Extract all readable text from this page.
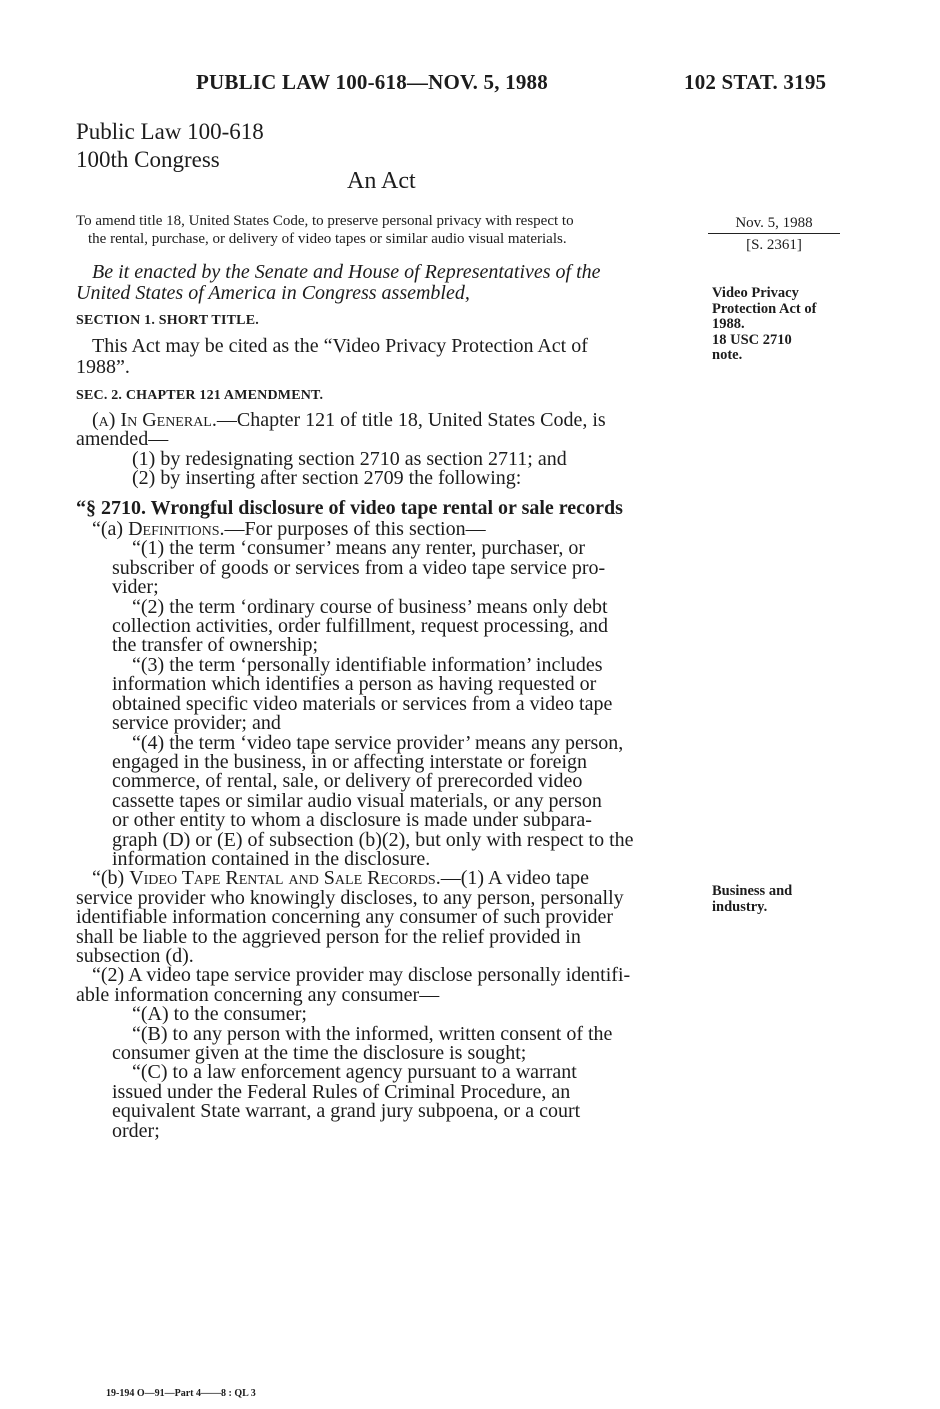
PUBLIC LAW 100-618—NOV. 5, 1988	102 STAT. 3195
Public Law 100-618
100th Congress
An Act
To amend title 18, United States Code, to preserve personal privacy with respect to
the rental, purchase, or delivery of video tapes or similar audio visual materials.
Nov. 5, 1988
[S. 2361]
Be it enacted by the Senate and House of Representatives of the
United States of America in Congress assembled,	Video Privacy
Protection Act of
1988.
18 USC 2710
note.
SECTION 1. SHORT TITLE.
This Act may be cited as the “Video Privacy Protection Act of
1988”.
SEC. 2. CHAPTER 121 AMENDMENT.
(a) In General.—Chapter 121 of title 18, United States Code, is
amended—
(1) by redesignating section 2710 as section 2711; and
(2) by inserting after section 2709 the following:
“§ 2710. Wrongful disclosure of video tape rental or sale records
“(a) Definitions.—For purposes of this section—
“(1) the term ‘consumer’ means any renter, purchaser, or
subscriber of goods or services from a video tape service pro-
vider;
“(2) the term ‘ordinary course of business’ means only debt
collection activities, order fulfillment, request processing, and
the transfer of ownership;
“(3) the term ‘personally identifiable information’ includes
information which identifies a person as having requested or
obtained specific video materials or services from a video tape
service provider; and
“(4) the term ‘video tape service provider’ means any person,
engaged in the business, in or affecting interstate or foreign
commerce, of rental, sale, or delivery of prerecorded video
cassette tapes or similar audio visual materials, or any person
or other entity to whom a disclosure is made under subpara-
graph (D) or (E) of subsection (b)(2), but only with respect to the
information contained in the disclosure.
“(b) Video Tape Rental and Sale Records.—(1) A video tape
service provider who knowingly discloses, to any person, personally
identifiable information concerning any consumer of such provider
shall be liable to the aggrieved person for the relief provided in
subsection (d).
“(2) A video tape service provider may disclose personally identifi-
able information concerning any consumer—
“(A) to the consumer;
“(B) to any person with the informed, written consent of the
consumer given at the time the disclosure is sought;
“(C) to a law enforcement agency pursuant to a warrant
issued under the Federal Rules of Criminal Procedure, an
equivalent State warrant, a grand jury subpoena, or a court
order;
Business and
industry.
19-194 O—91—Part 4——8 : QL 3
